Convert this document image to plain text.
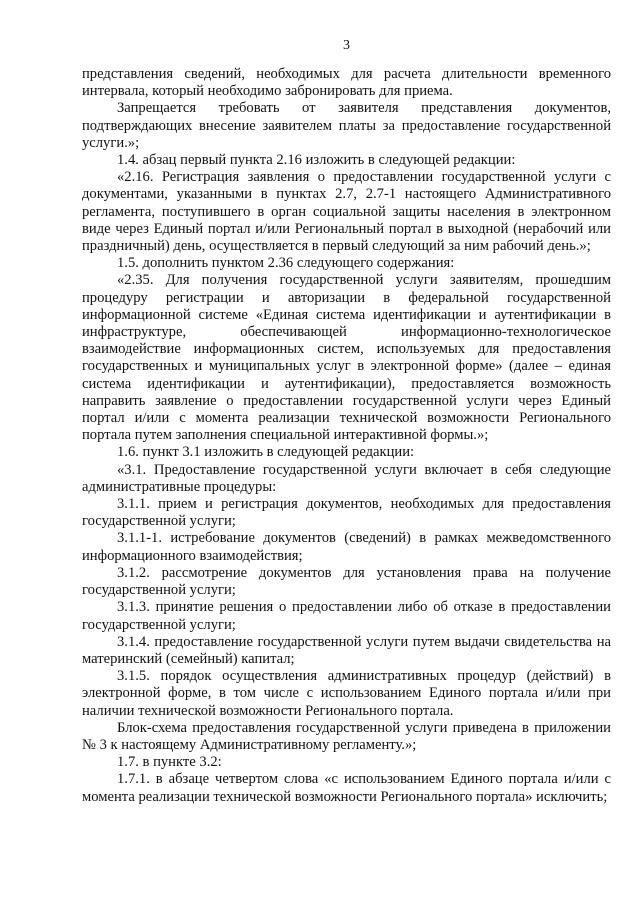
3

представления сведений, необходимых для расчета длительности временного интервала, который необходимо забронировать для приема.

Запрещается требовать от заявителя представления документов, подтверждающих внесение заявителем платы за предоставление государственной услуги.»;

1.4. абзац первый пункта 2.16 изложить в следующей редакции:

«2.16. Регистрация заявления о предоставлении государственной услуги с документами, указанными в пунктах 2.7, 2.7-1 настоящего Административного регламента, поступившего в орган социальной защиты населения в электронном виде через Единый портал и/или Региональный портал в выходной (нерабочий или праздничный) день, осуществляется в первый следующий за ним рабочий день.»;

1.5. дополнить пунктом 2.36 следующего содержания:

«2.35. Для получения государственной услуги заявителям, прошедшим процедуру регистрации и авторизации в федеральной государственной информационной системе «Единая система идентификации и аутентификации в инфраструктуре, обеспечивающей информационно-технологическое взаимодействие информационных систем, используемых для предоставления государственных и муниципальных услуг в электронной форме» (далее – единая система идентификации и аутентификации), предоставляется возможность направить заявление о предоставлении государственной услуги через Единый портал и/или с момента реализации технической возможности Регионального портала путем заполнения специальной интерактивной формы.»;

1.6. пункт 3.1 изложить в следующей редакции:

«3.1. Предоставление государственной услуги включает в себя следующие административные процедуры:

3.1.1. прием и регистрация документов, необходимых для предоставления государственной услуги;

3.1.1-1. истребование документов (сведений) в рамках межведомственного информационного взаимодействия;

3.1.2. рассмотрение документов для установления права на получение государственной услуги;

3.1.3. принятие решения о предоставлении либо об отказе в предоставлении государственной услуги;

3.1.4. предоставление государственной услуги путем выдачи свидетельства на материнский (семейный) капитал;

3.1.5. порядок осуществления административных процедур (действий) в электронной форме, в том числе с использованием Единого портала и/или при наличии технической возможности Регионального портала.

Блок-схема предоставления государственной услуги приведена в приложении № 3 к настоящему Административному регламенту.»;

1.7. в пункте 3.2:

1.7.1. в абзаце четвертом слова «с использованием Единого портала и/или с момента реализации технической возможности Регионального портала» исключить;
